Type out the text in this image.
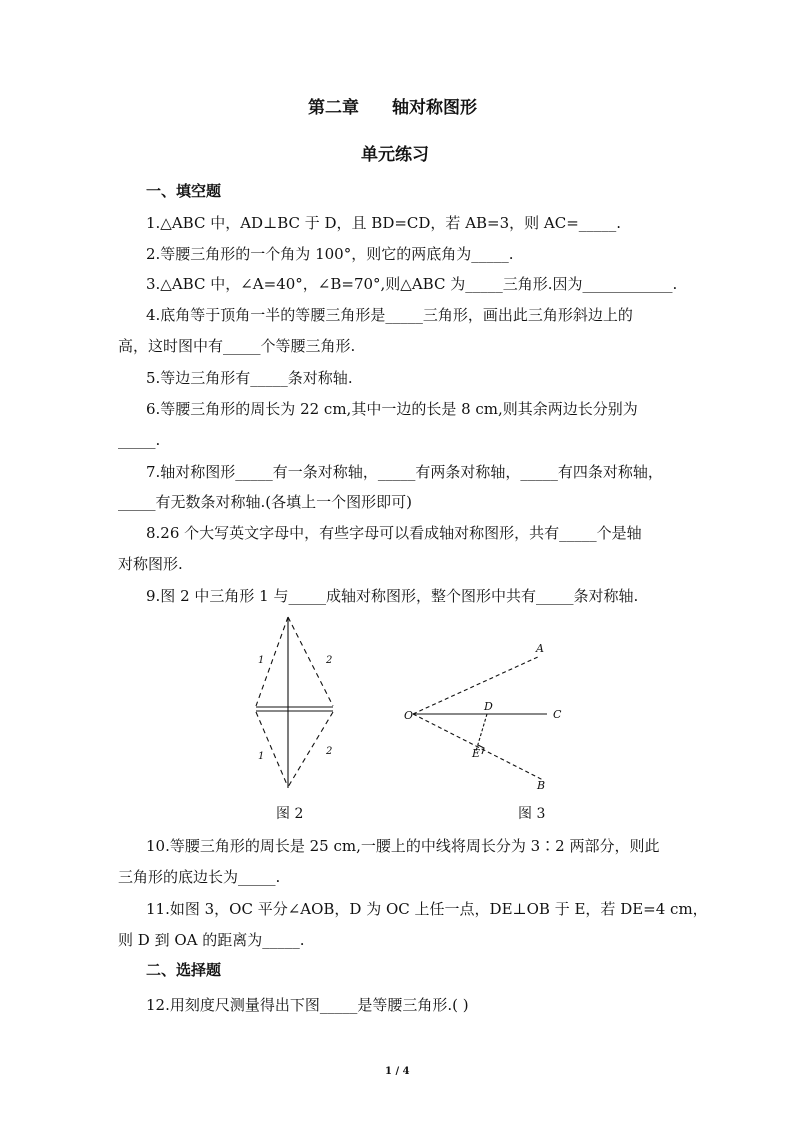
第二章 轴对称图形
单元练习
一、填空题
1.△ABC 中，AD⊥BC 于 D，且 BD=CD，若 AB=3，则 AC=_____.
2.等腰三角形的一个角为 100°，则它的两底角为_____.
3.△ABC 中，∠A=40°，∠B=70°,则△ABC 为_____三角形.因为____________.
4.底角等于顶角一半的等腰三角形是_____三角形，画出此三角形斜边上的
高，这时图中有_____个等腰三角形.
5.等边三角形有_____条对称轴.
6.等腰三角形的周长为 22 cm,其中一边的长是 8 cm,则其余两边长分别为
_____.
7.轴对称图形_____有一条对称轴，_____有两条对称轴，_____有四条对称轴，
_____有无数条对称轴.(各填上一个图形即可)
8.26 个大写英文字母中，有些字母可以看成轴对称图形，共有_____个是轴
对称图形.
9.图 2 中三角形 1 与_____成轴对称图形，整个图形中共有_____条对称轴.
1	2
1	2
A
O
D
C
E
B
图 2	图 3
10.等腰三角形的周长是 25 cm,一腰上的中线将周长分为 3∶2 两部分，则此
三角形的底边长为_____.
11.如图 3，OC 平分∠AOB，D 为 OC 上任一点，DE⊥OB 于 E，若 DE=4 cm，
则 D 到 OA 的距离为_____.
二、选择题
12.用刻度尺测量得出下图_____是等腰三角形.( )
1 / 4
